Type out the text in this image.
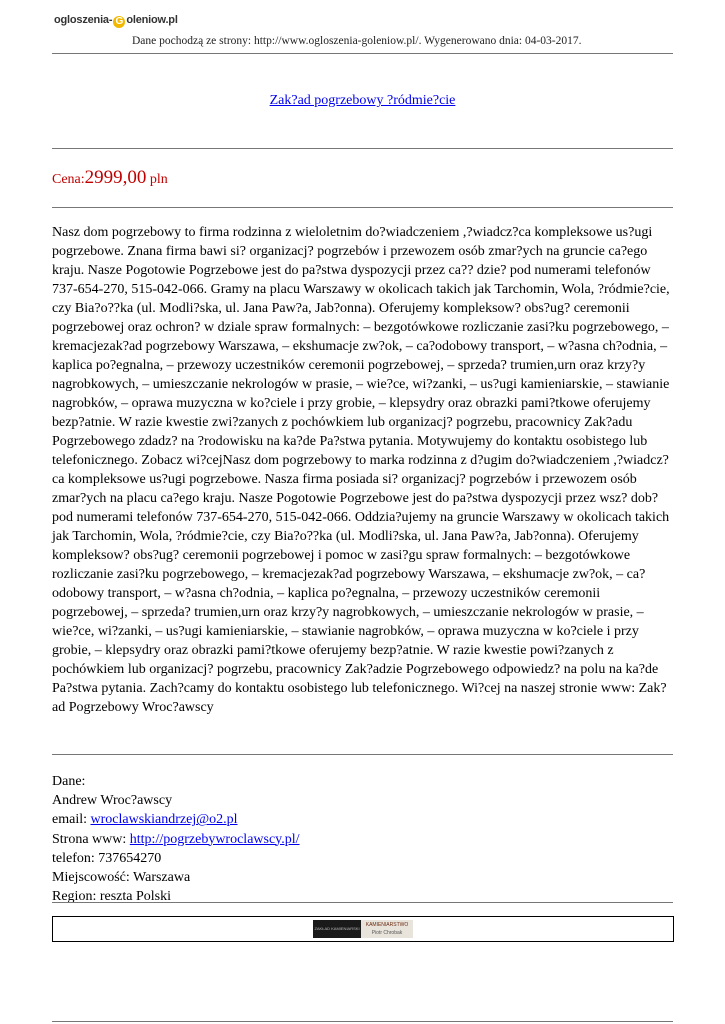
ogloszenia- G oleniow.pl
Dane pochodzą ze strony: http://www.ogloszenia-goleniow.pl/. Wygenerowano dnia: 04-03-2017.
Zak?ad pogrzebowy ?ródmie?cie
Cena:2999,00 pln
Nasz dom pogrzebowy to firma rodzinna z wieloletnim do?wiadczeniem ,?wiadcz?ca kompleksowe us?ugi pogrzebowe. Znana firma bawi si? organizacj? pogrzebów i przewozem osób zmar?ych na gruncie ca?ego kraju. Nasze Pogotowie Pogrzebowe jest do pa?stwa dyspozycji przez ca?? dzie? pod numerami telefonów 737-654-270, 515-042-066. Gramy na placu Warszawy w okolicach takich jak Tarchomin, Wola, ?ródmie?cie, czy Bia?o??ka (ul. Modli?ska, ul. Jana Paw?a, Jab?onna). Oferujemy kompleksow? obs?ug? ceremonii pogrzebowej oraz ochron? w dziale spraw formalnych: – bezgotówkowe rozliczanie zasi?ku pogrzebowego, – kremacjezak?ad pogrzebowy Warszawa, – ekshumacje zw?ok, – ca?odobowy transport, – w?asna ch?odnia, – kaplica po?egnalna, – przewozy uczestników ceremonii pogrzebowej, – sprzeda? trumien,urn oraz krzy?y nagrobkowych, – umieszczanie nekrologów w prasie, – wie?ce, wi?zanki, – us?ugi kamieniarskie, – stawianie nagrobków, – oprawa muzyczna w ko?ciele i przy grobie, – klepsydry oraz obrazki pami?tkowe oferujemy bezp?atnie. W razie kwestie zwi?zanych z pochówkiem lub organizacj? pogrzebu, pracownicy Zak?adu Pogrzebowego zdadz? na ?rodowisku na ka?de Pa?stwa pytania. Motywujemy do kontaktu osobistego lub telefonicznego. Zobacz wi?cejNasz dom pogrzebowy to marka rodzinna z d?ugim do?wiadczeniem ,?wiadcz?ca kompleksowe us?ugi pogrzebowe. Nasza firma posiada si? organizacj? pogrzebów i przewozem osób zmar?ych na placu ca?ego kraju. Nasze Pogotowie Pogrzebowe jest do pa?stwa dyspozycji przez wsz? dob? pod numerami telefonów 737-654-270, 515-042-066. Oddzia?ujemy na gruncie Warszawy w okolicach takich jak Tarchomin, Wola, ?ródmie?cie, czy Bia?o??ka (ul. Modli?ska, ul. Jana Paw?a, Jab?onna). Oferujemy kompleksow? obs?ug? ceremonii pogrzebowej i pomoc w zasi?gu spraw formalnych: – bezgotówkowe rozliczanie zasi?ku pogrzebowego, – kremacjezak?ad pogrzebowy Warszawa, – ekshumacje zw?ok, – ca?odobowy transport, – w?asna ch?odnia, – kaplica po?egnalna, – przewozy uczestników ceremonii pogrzebowej, – sprzeda? trumien,urn oraz krzy?y nagrobkowych, – umieszczanie nekrologów w prasie, – wie?ce, wi?zanki, – us?ugi kamieniarskie, – stawianie nagrobków, – oprawa muzyczna w ko?ciele i przy grobie, – klepsydry oraz obrazki pami?tkowe oferujemy bezp?atnie. W razie kwestie powi?zanych z pochówkiem lub organizacj? pogrzebu, pracownicy Zak?adzie Pogrzebowego odpowiedz? na polu na ka?de Pa?stwa pytania. Zach?camy do kontaktu osobistego lub telefonicznego. Wi?cej na naszej stronie www: Zak?ad Pogrzebowy Wroc?awscy
Dane:
Andrew Wroc?awscy
email: wroclawskiandrzej@o2.pl
Strona www: http://pogrzebywroclawscy.pl/
telefon: 737654270
Miejscowość: Warszawa
Region: reszta Polski
ZAKŁAD KAMIENIARSKI
KAMIENIARSTWO
Piotr Chrobak
